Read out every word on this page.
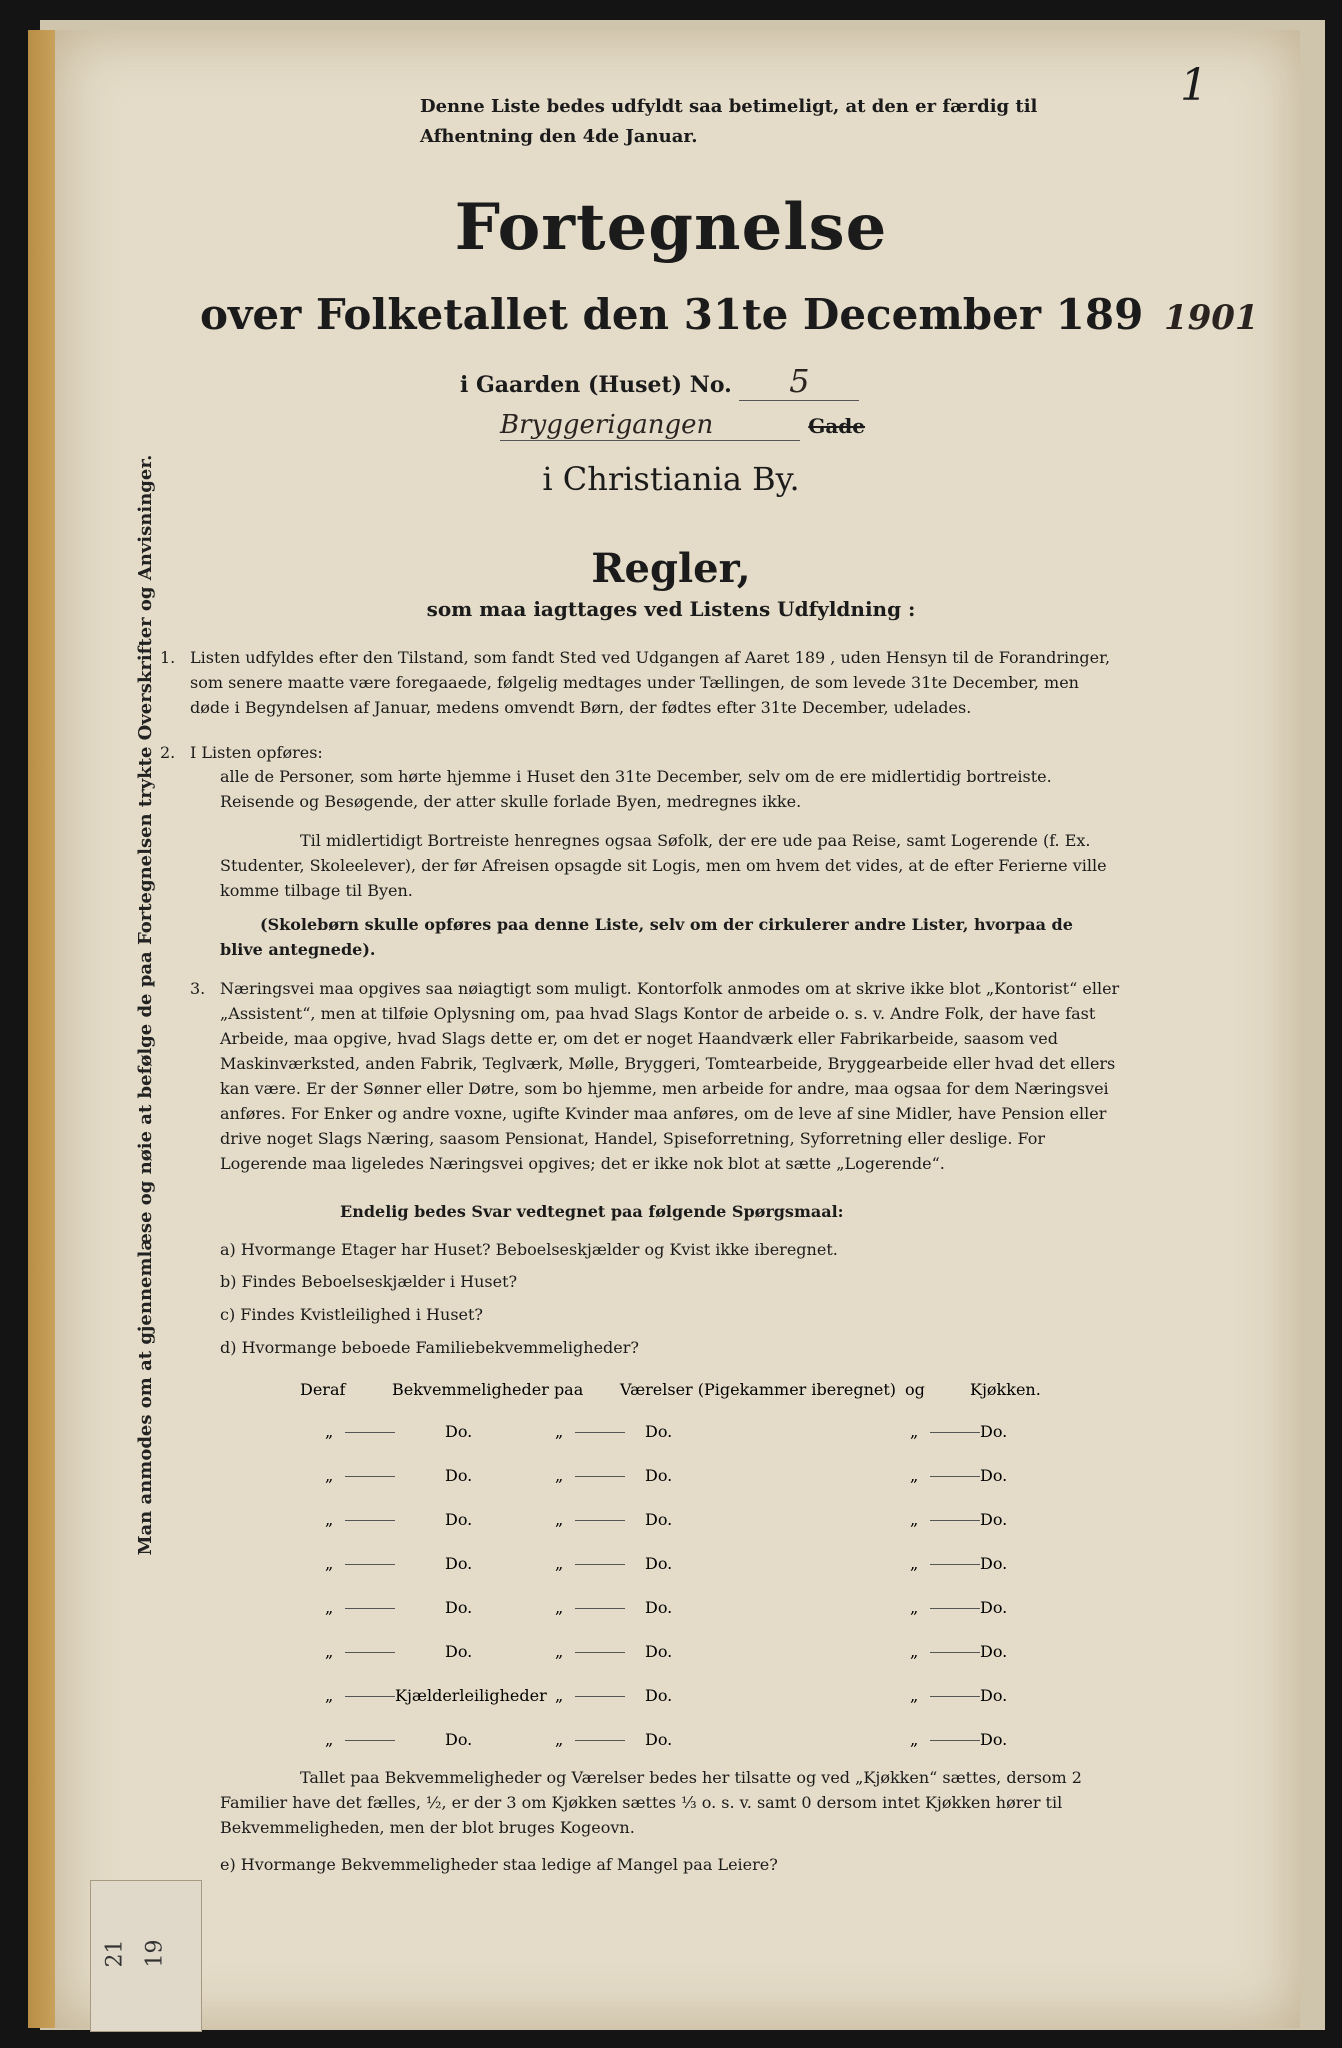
1
Denne Liste bedes udfyldt saa betimeligt, at den er færdig til Afhentning den 4de Januar.
Fortegnelse
over Folketallet den 31te December 189 1901
i Gaarden (Huset) No. 5
Bryggerigangen	Gade
i Christiania By.
Man anmodes om at gjennemlæse og nøie at befølge de paa Fortegnelsen trykte Overskrifter og Anvisninger.	Regler,
som maa iagttages ved Listens Udfyldning :
1. Listen udfyldes efter den Tilstand, som fandt Sted ved Udgangen af Aaret 189 , uden Hensyn til de Forandringer, som senere maatte være foregaaede, følgelig medtages under Tællingen, de som levede 31te December, men døde i Begyndelsen af Januar, medens omvendt Børn, der fødtes efter 31te December, udelades.
2. I Listen opføres:
alle de Personer, som hørte hjemme i Huset den 31te December, selv om de ere midlertidig bortreiste. Reisende og Besøgende, der atter skulle forlade Byen, medregnes ikke.
Til midlertidigt Bortreiste henregnes ogsaa Søfolk, der ere ude paa Reise, samt Logerende (f. Ex. Studenter, Skoleelever), der før Afreisen opsagde sit Logis, men om hvem det vides, at de efter Ferierne ville komme tilbage til Byen.
(Skolebørn skulle opføres paa denne Liste, selv om der cirkulerer andre Lister, hvorpaa de blive antegnede).
3. Næringsvei maa opgives saa nøiagtigt som muligt. Kontorfolk anmodes om at skrive ikke blot „Kontorist“ eller „Assistent“, men at tilføie Oplysning om, paa hvad Slags Kontor de arbeide o. s. v. Andre Folk, der have fast Arbeide, maa opgive, hvad Slags dette er, om det er noget Haandværk eller Fabrikarbeide, saasom ved Maskinværksted, anden Fabrik, Teglværk, Mølle, Bryggeri, Tomtearbeide, Bryggearbeide eller hvad det ellers kan være. Er der Sønner eller Døtre, som bo hjemme, men arbeide for andre, maa ogsaa for dem Næringsvei anføres. For Enker og andre voxne, ugifte Kvinder maa anføres, om de leve af sine Midler, have Pension eller drive noget Slags Næring, saasom Pensionat, Handel, Spiseforretning, Syforretning eller deslige. For Logerende maa ligeledes Næringsvei opgives; det er ikke nok blot at sætte „Logerende“.
Endelig bedes Svar vedtegnet paa følgende Spørgsmaal:
a) Hvormange Etager har Huset? Beboelseskjælder og Kvist ikke iberegnet.
b) Findes Beboelseskjælder i Huset?
c) Findes Kvistleilighed i Huset?
d) Hvormange beboede Familiebekvemmeligheder?
Deraf	Bekvemmeligheder paa Værelser (Pigekammer iberegnet) og	Kjøkken.
„	Do.	„	Do.	„	Do.
„	Do.	„	Do.	„	Do.
„	Do.	„	Do.	„	Do.
„	Do.	„	Do.	„	Do.
„	Do.	„	Do.	„	Do.
„	Do.	„	Do.	„	Do.
„	Kjælderleiligheder „	Do.	„	Do.
„	Do.	„	Do.	„	Do.
Tallet paa Bekvemmeligheder og Værelser bedes her tilsatte og ved „Kjøkken“ sættes, dersom 2 Familier have det fælles, ½, er der 3 om Kjøkken sættes ⅓ o. s. v. samt 0 dersom intet Kjøkken hører til Bekvemmeligheden, men der blot bruges Kogeovn.
e) Hvormange Bekvemmeligheder staa ledige af Mangel paa Leiere?
19
21
